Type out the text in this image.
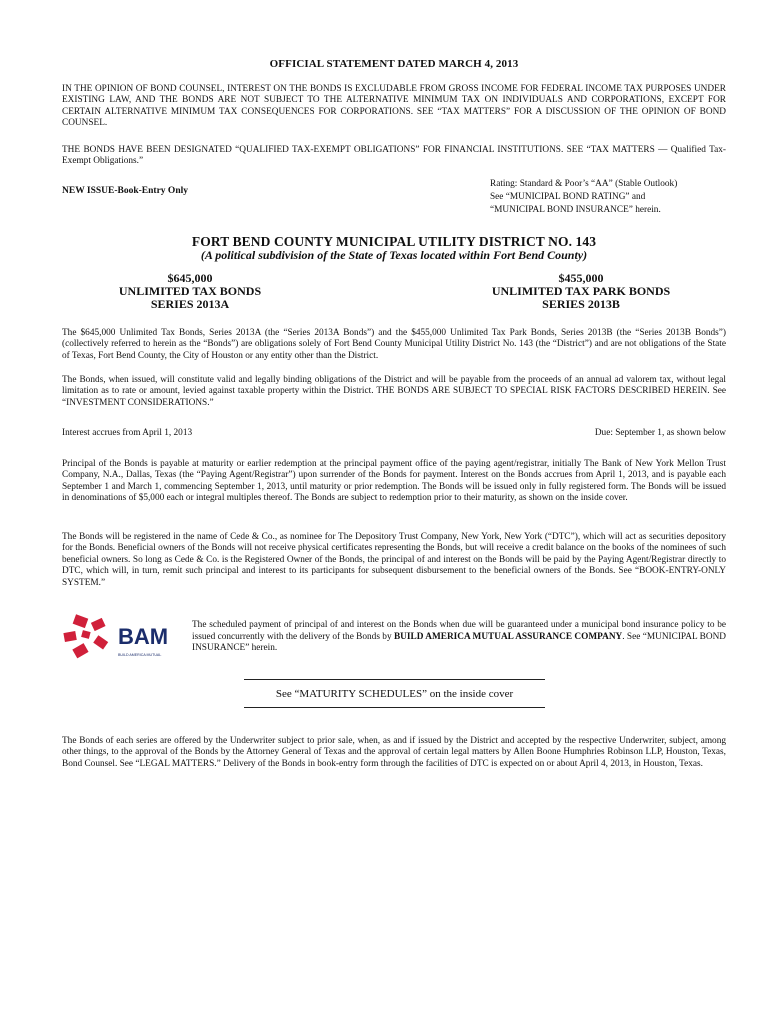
OFFICIAL STATEMENT DATED MARCH 4, 2013
IN THE OPINION OF BOND COUNSEL, INTEREST ON THE BONDS IS EXCLUDABLE FROM GROSS INCOME FOR FEDERAL INCOME TAX PURPOSES UNDER EXISTING LAW, AND THE BONDS ARE NOT SUBJECT TO THE ALTERNATIVE MINIMUM TAX ON INDIVIDUALS AND CORPORATIONS, EXCEPT FOR CERTAIN ALTERNATIVE MINIMUM TAX CONSEQUENCES FOR CORPORATIONS. SEE “TAX MATTERS” FOR A DISCUSSION OF THE OPINION OF BOND COUNSEL.
THE BONDS HAVE BEEN DESIGNATED “QUALIFIED TAX-EXEMPT OBLIGATIONS” FOR FINANCIAL INSTITUTIONS. SEE “TAX MATTERS — Qualified Tax-Exempt Obligations.”
NEW ISSUE-Book-Entry Only
Rating: Standard & Poor’s “AA” (Stable Outlook)
See “MUNICIPAL BOND RATING” and
“MUNICIPAL BOND INSURANCE” herein.
FORT BEND COUNTY MUNICIPAL UTILITY DISTRICT NO. 143
(A political subdivision of the State of Texas located within Fort Bend County)
$645,000
UNLIMITED TAX BONDS
SERIES 2013A
$455,000
UNLIMITED TAX PARK BONDS
SERIES 2013B
The $645,000 Unlimited Tax Bonds, Series 2013A (the “Series 2013A Bonds”) and the $455,000 Unlimited Tax Park Bonds, Series 2013B (the “Series 2013B Bonds”) (collectively referred to herein as the “Bonds”) are obligations solely of Fort Bend County Municipal Utility District No. 143 (the “District”) and are not obligations of the State of Texas, Fort Bend County, the City of Houston or any entity other than the District.
The Bonds, when issued, will constitute valid and legally binding obligations of the District and will be payable from the proceeds of an annual ad valorem tax, without legal limitation as to rate or amount, levied against taxable property within the District. THE BONDS ARE SUBJECT TO SPECIAL RISK FACTORS DESCRIBED HEREIN. See “INVESTMENT CONSIDERATIONS.”
Interest accrues from April 1, 2013	Due: September 1, as shown below
Principal of the Bonds is payable at maturity or earlier redemption at the principal payment office of the paying agent/registrar, initially The Bank of New York Mellon Trust Company, N.A., Dallas, Texas (the “Paying Agent/Registrar”) upon surrender of the Bonds for payment. Interest on the Bonds accrues from April 1, 2013, and is payable each September 1 and March 1, commencing September 1, 2013, until maturity or prior redemption. The Bonds will be issued only in fully registered form. The Bonds will be issued in denominations of $5,000 each or integral multiples thereof. The Bonds are subject to redemption prior to their maturity, as shown on the inside cover.
The Bonds will be registered in the name of Cede & Co., as nominee for The Depository Trust Company, New York, New York (“DTC”), which will act as securities depository for the Bonds. Beneficial owners of the Bonds will not receive physical certificates representing the Bonds, but will receive a credit balance on the books of the nominees of such beneficial owners. So long as Cede & Co. is the Registered Owner of the Bonds, the principal of and interest on the Bonds will be paid by the Paying Agent/Registrar directly to DTC, which will, in turn, remit such principal and interest to its participants for subsequent disbursement to the beneficial owners of the Bonds. See “BOOK-ENTRY-ONLY SYSTEM.”
BAM
BUILD AMERICA MUTUAL
The scheduled payment of principal of and interest on the Bonds when due will be guaranteed under a municipal bond insurance policy to be issued concurrently with the delivery of the Bonds by BUILD AMERICA MUTUAL ASSURANCE COMPANY. See “MUNICIPAL BOND INSURANCE” herein.
See “MATURITY SCHEDULES” on the inside cover
The Bonds of each series are offered by the Underwriter subject to prior sale, when, as and if issued by the District and accepted by the respective Underwriter, subject, among other things, to the approval of the Bonds by the Attorney General of Texas and the approval of certain legal matters by Allen Boone Humphries Robinson LLP, Houston, Texas, Bond Counsel. See “LEGAL MATTERS.” Delivery of the Bonds in book-entry form through the facilities of DTC is expected on or about April 4, 2013, in Houston, Texas.
